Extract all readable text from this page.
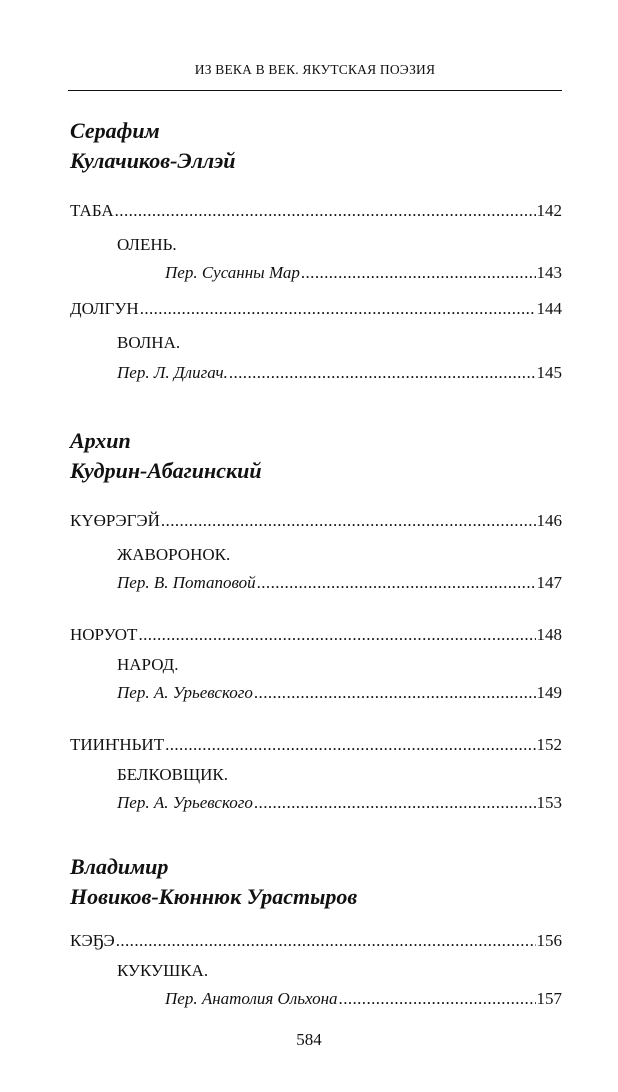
ИЗ ВЕКА В ВЕК. ЯКУТСКАЯ ПОЭЗИЯ
Серафим
Кулачиков-Эллэй
ТАБА .....	142
ОЛЕНЬ.
Пер. Сусанны Мар .....	143
ДОЛГУН .....	144
ВОЛНА.
Пер. Л. Длигач. .....	145
Архип
Кудрин-Абагинский
КҮӨРЭГЭЙ .....	146
ЖАВОРОНОК.
Пер. В. Потаповой .....	147
НОРУОТ .....	148
НАРОД.
Пер. А. Урьевского .....	149
ТИИҤНЬИТ .....	152
БЕЛКОВЩИК.
Пер. А. Урьевского .....	153
Владимир
Новиков-Кюннюк Урастыров
КЭҔЭ .....	156
КУКУШКА.
Пер. Анатолия Ольхона .....	157
584
